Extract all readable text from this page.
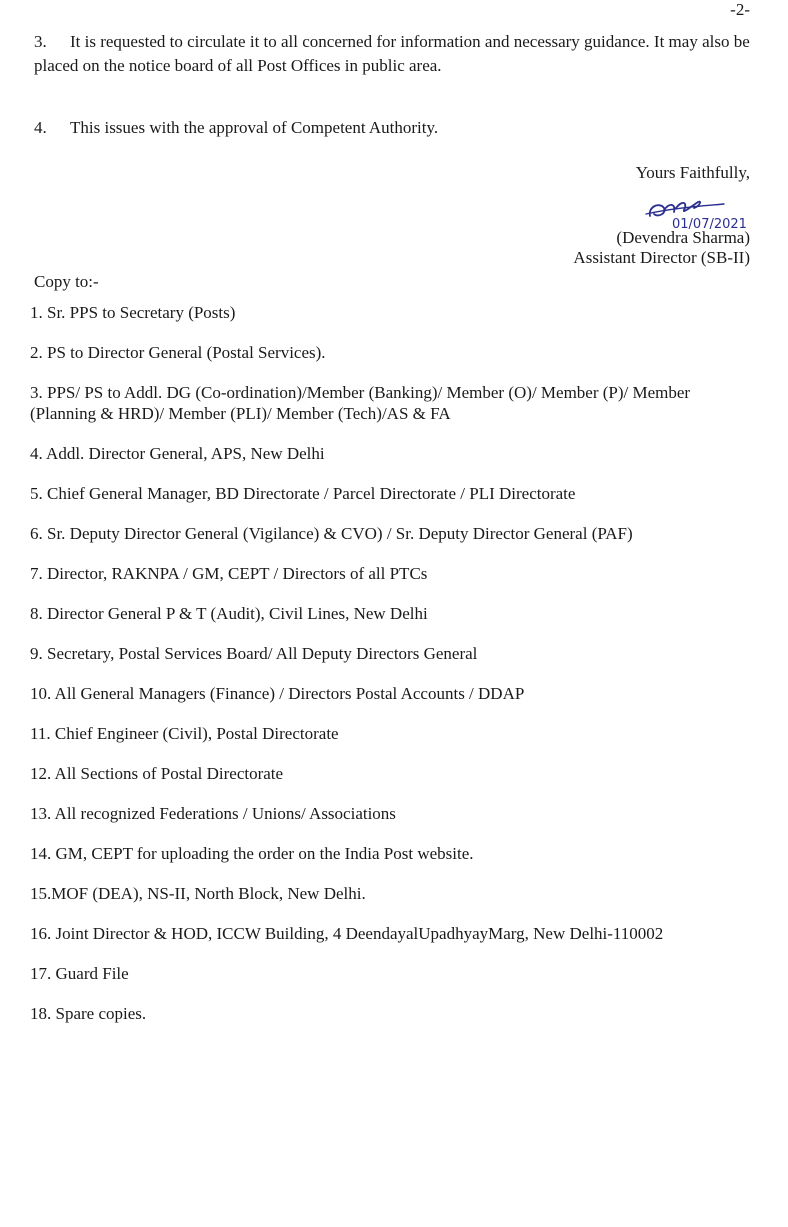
-2-
3. It is requested to circulate it to all concerned for information and necessary guidance. It may also be placed on the notice board of all Post Offices in public area.
4. This issues with the approval of Competent Authority.
Yours Faithfully,
01/07/2021
(Devendra Sharma)
Assistant Director (SB-II)
Copy to:-
1. Sr. PPS to Secretary (Posts)
2. PS to Director General (Postal Services).
3. PPS/ PS to Addl. DG (Co-ordination)/Member (Banking)/ Member (O)/ Member (P)/ Member (Planning & HRD)/ Member (PLI)/ Member (Tech)/AS & FA
4. Addl. Director General, APS, New Delhi
5. Chief General Manager, BD Directorate / Parcel Directorate / PLI Directorate
6. Sr. Deputy Director General (Vigilance) & CVO) / Sr. Deputy Director General (PAF)
7. Director, RAKNPA / GM, CEPT / Directors of all PTCs
8. Director General P & T (Audit), Civil Lines, New Delhi
9. Secretary, Postal Services Board/ All Deputy Directors General
10. All General Managers (Finance) / Directors Postal Accounts / DDAP
11. Chief Engineer (Civil), Postal Directorate
12. All Sections of Postal Directorate
13. All recognized Federations / Unions/ Associations
14. GM, CEPT for uploading the order on the India Post website.
15.MOF (DEA), NS-II, North Block, New Delhi.
16. Joint Director & HOD, ICCW Building, 4 DeendayalUpadhyayMarg, New Delhi-110002
17. Guard File
18. Spare copies.
